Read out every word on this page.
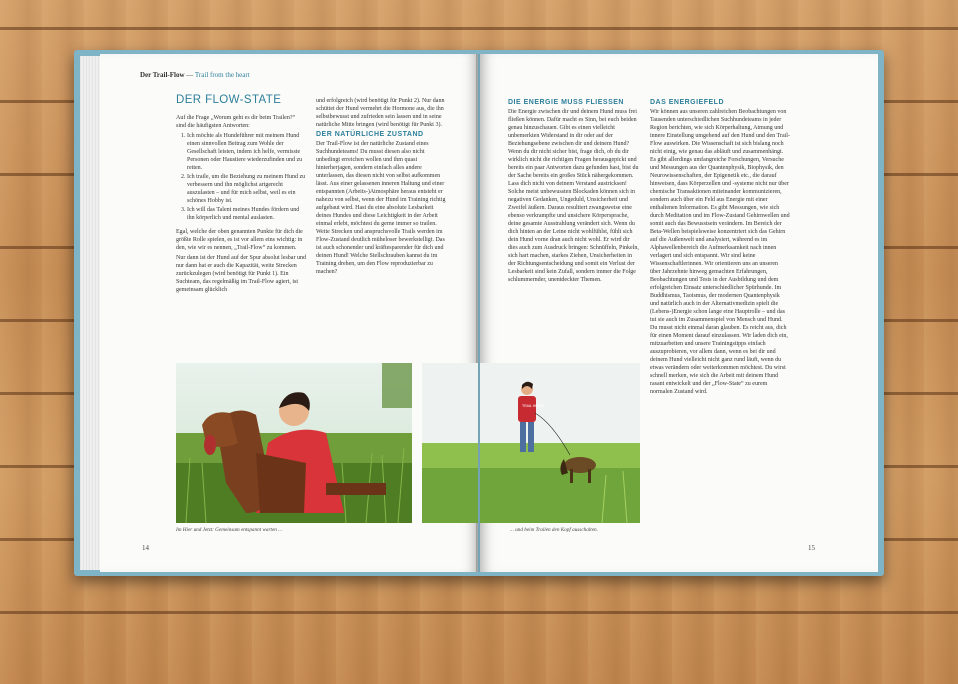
Der Trail-Flow — Trail from the heart
DER FLOW-STATE

Auf die Frage „Worum geht es dir beim Trailen?“ sind die häufigsten Antworten:

1. Ich möchte als Hundeführer mit meinem Hund einen sinnvollen Beitrag zum Wohle der Gesellschaft leisten, indem ich helfe, vermisste Personen oder Haustiere wiederzufinden und zu retten.
2. Ich traile, um die Beziehung zu meinem Hund zu verbessern und ihn möglichst artgerecht auszulasten – und für mich selbst, weil es ein schönes Hobby ist.
3. Ich will das Talent meines Hundes fördern und ihn körperlich und mental auslasten.

Egal, welche der oben genannten Punkte für dich die größte Rolle spielen, es ist vor allem eins wichtig: in den, wie wir es nennen, „Trail-Flow“ zu kommen.

Nur dann ist der Hund auf der Spur absolut lesbar und nur dann hat er auch die Kapazität, weite Strecken zurückzulegen (wird benötigt für Punkt 1). Ein Suchteam, das regelmäßig im Trail-Flow agiert, ist gemeinsam glücklich

und erfolgreich (wird benötigt für Punkt 2). Nur dann schüttet der Hund vermehrt die Hormone aus, die ihn selbstbewusst und zufrieden sein lassen und in seine natürliche Mitte bringen (wird benötigt für Punkt 3).

DER NATÜRLICHE ZUSTAND

Der Trail-Flow ist der natürliche Zustand eines Suchhundeteams! Du musst diesen also nicht unbedingt erreichen wollen und ihm quasi hinterherjagen, sondern einfach alles andere unterlassen, das diesen nicht von selbst aufkommen lässt. Aus einer gelassenen inneren Haltung und einer entspannten (Arbeits-)Atmosphäre heraus entsteht er nahezu von selbst, wenn der Hund im Training richtig aufgebaut wird. Hast du eine absolute Lesbarkeit deines Hundes und diese Leichtigkeit in der Arbeit einmal erlebt, möchtest du gerne immer so trailen. Weite Strecken und anspruchsvolle Trails werden im Flow-Zustand deutlich müheloser bewerkstelligt. Das ist auch schonender und kräftesparender für dich und deinen Hund! Welche Stellschrauben kannst du im Training drehen, um den Flow reproduzierbar zu machen?

Im Hier und Jetzt: Gemeinsam entspannt warten ...
14
DIE ENERGIE MUSS FLIESSEN

Die Energie zwischen dir und deinem Hund muss frei fließen können. Dafür macht es Sinn, bei euch beiden genau hinzuschauen. Gibt es einen vielleicht unbemerkten Widerstand in dir oder auf der Beziehungsebene zwischen dir und deinem Hund? Wenn du dir nicht sicher bist, frage dich, ob du dir wirklich nicht die richtigen Fragen herausgepickt und bereits ein paar Antworten dazu gefunden hast, bist du der Sache bereits ein großes Stück nähergekommen. Lass dich nicht von deinem Verstand austricksen! Solche meist unbewussten Blockaden können sich in negativen Gedanken, Ungeduld, Unsicherheit und Zweifel äußern. Daraus resultiert zwangsweise eine ebenso verkrampfte und unsichere Körpersprache, deine gesamte Ausstrahlung verändert sich. Wenn du dich hinten an der Leine nicht wohlfühlst, fühlt sich dein Hund vorne dran auch nicht wohl. Er wird dir dies auch zum Ausdruck bringen: Schnüffeln, Pinkeln, sich hart machen, starkes Ziehen, Unsicherheiten in der Richtungsentscheidung und somit ein Verlust der Lesbarkeit sind kein Zufall, sondern immer die Folge schlummernder, unentdeckter Themen.

DAS ENERGIEFELD

Wir können aus unseren zahlreichen Beobachtungen von Tausenden unterschiedlichen Suchhundeteams in jeder Region berichten, wie sich Körperhaltung, Atmung und innere Einstellung umgehend auf den Hund und den Trail-Flow auswirken. Die Wissenschaft ist sich bislang noch nicht einig, wie genau das abläuft und zusammenhängt. Es gibt allerdings umfangreiche Forschungen, Versuche und Messungen aus der Quantenphysik, Biophysik, den Neurowissenschaften, der Epigenetik etc., die darauf hinweisen, dass Körperzellen und -systeme nicht nur über chemische Transaktionen miteinander kommunizieren, sondern auch über ein Feld aus Energie mit einer enthaltenen Information. Es gibt Messungen, wie sich durch Meditation und im Flow-Zustand Gehirnwellen und somit auch das Bewusstsein verändern. Im Bereich der Beta-Wellen beispielsweise konzentriert sich das Gehirn auf die Außenwelt und analysiert, während es im Alphawellenbereich die Aufmerksamkeit nach innen verlagert und sich entspannt. Wir sind keine Wissenschaftlerinnen. Wir orientieren uns an unseren über Jahrzehnte hinweg gemachten Erfahrungen, Beobachtungen und Tests in der Ausbildung und dem erfolgreichen Einsatz unterschiedlicher Spürhunde. Im Buddhismus, Taoismus, der modernen Quantenphysik und natürlich auch in der Alternativmedizin spielt die (Lebens-)Energie schon lange eine Hauptrolle – und das tut sie auch im Zusammenspiel von Mensch und Hund. Du musst nicht einmal daran glauben. Es reicht aus, dich für einen Moment darauf einzulassen. Wir laden dich ein, mitzuarbeiten und unsere Trainingstipps einfach auszuprobieren, vor allem dann, wenn es bei dir und deinem Hund vielleicht nicht ganz rund läuft, wenn du etwas verändern oder weiterkommen möchtest. Du wirst schnell merken, wie sich die Arbeit mit deinem Hund rasant entwickelt und der „Flow-State“ zu eurem normalen Zustand wird.

TRAIL HEART
... und beim Trailen den Kopf ausschalten.
15
